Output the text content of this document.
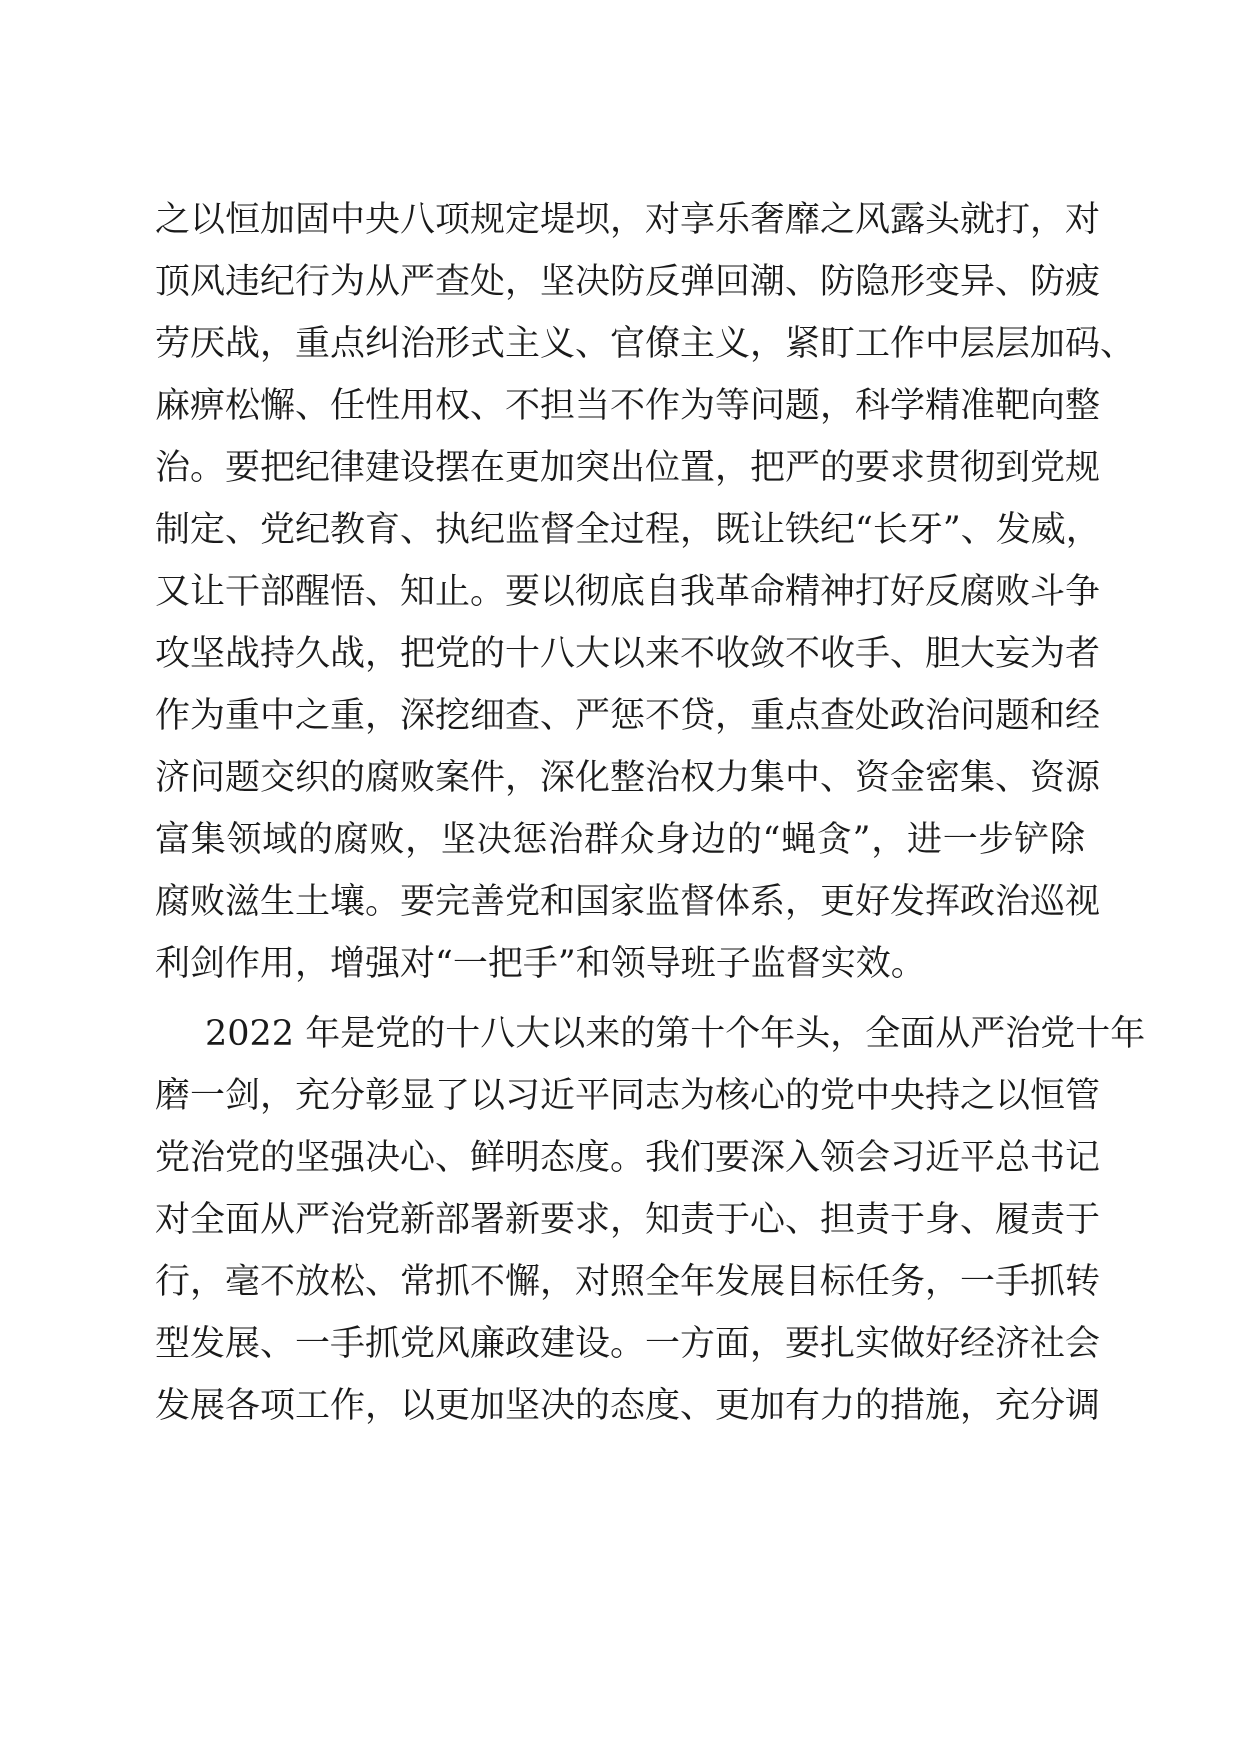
之以恒加固中央八项规定堤坝，对享乐奢靡之风露头就打，对
顶风违纪行为从严查处，坚决防反弹回潮、防隐形变异、防疲
劳厌战，重点纠治形式主义、官僚主义，紧盯工作中层层加码、
麻痹松懈、任性用权、不担当不作为等问题，科学精准靶向整
治。要把纪律建设摆在更加突出位置，把严的要求贯彻到党规
制定、党纪教育、执纪监督全过程，既让铁纪“长牙”、发威，
又让干部醒悟、知止。要以彻底自我革命精神打好反腐败斗争
攻坚战持久战，把党的十八大以来不收敛不收手、胆大妄为者
作为重中之重，深挖细查、严惩不贷，重点查处政治问题和经
济问题交织的腐败案件，深化整治权力集中、资金密集、资源
富集领域的腐败，坚决惩治群众身边的“蝇贪”，进一步铲除
腐败滋生土壤。要完善党和国家监督体系，更好发挥政治巡视
利剑作用，增强对“一把手”和领导班子监督实效。
2022 年是党的十八大以来的第十个年头，全面从严治党十年
磨一剑，充分彰显了以习近平同志为核心的党中央持之以恒管
党治党的坚强决心、鲜明态度。我们要深入领会习近平总书记
对全面从严治党新部署新要求，知责于心、担责于身、履责于
行，毫不放松、常抓不懈，对照全年发展目标任务，一手抓转
型发展、一手抓党风廉政建设。一方面，要扎实做好经济社会
发展各项工作，以更加坚决的态度、更加有力的措施，充分调
